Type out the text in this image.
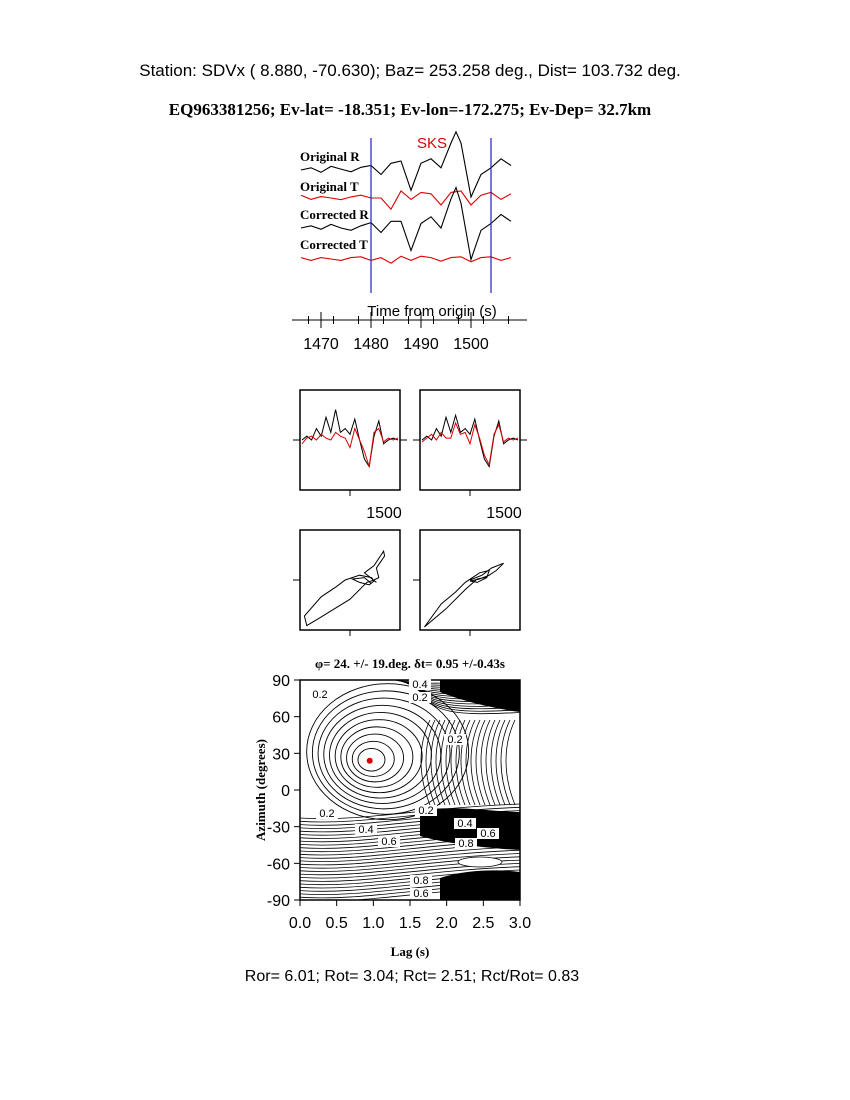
Station: SDVx ( 8.880, -70.630); Baz= 253.258 deg., Dist= 103.732 deg.
EQ963381256; Ev-lat= -18.351; Ev-lon=-172.275; Ev-Dep= 32.7km
SKS
Original R
Original T
Corrected R
Corrected T
Time from origin (s)
1470 1480 1490 1500
1500	1500
φ= 24. +/- 19.deg. δt= 0.95 +/-0.43s
0.2
0.4
0.2
0.2
0.2	0.2
0.4
0.6
0.4
0.6	0.8
0.8
0.6
0.0 0.5 1.0 1.5 2.0 2.5 3.0
90
60
30
0
-30
-60
-90
Lag (s)
Azimuth (degrees)
Ror= 6.01; Rot= 3.04; Rct= 2.51; Rct/Rot= 0.83
